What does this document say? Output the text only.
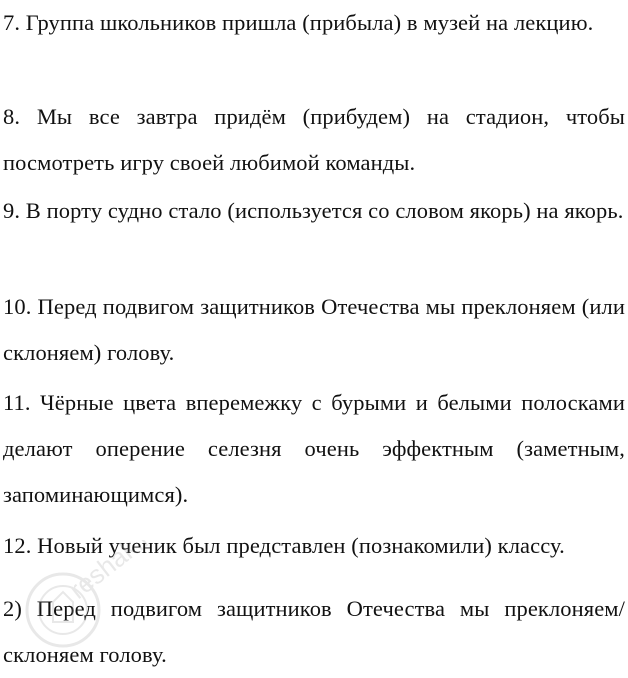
7. Группа школьников пришла (прибыла) в музей на лекцию.

8. Мы все завтра придём (прибудем) на стадион, чтобы посмотреть игру своей любимой команды.

9. В порту судно стало (используется со словом якорь) на якорь.

10. Перед подвигом защитников Отечества мы преклоняем (или склоняем) голову.

11. Чёрные цвета вперемежку с бурыми и белыми полосками делают оперение селезня очень эффектным (заметным, запоминающимся).

12. Новый ученик был представлен (познакомили) классу.

2) Перед подвигом защитников Отечества мы преклоняем/склоняем голову.

reshak.ru
